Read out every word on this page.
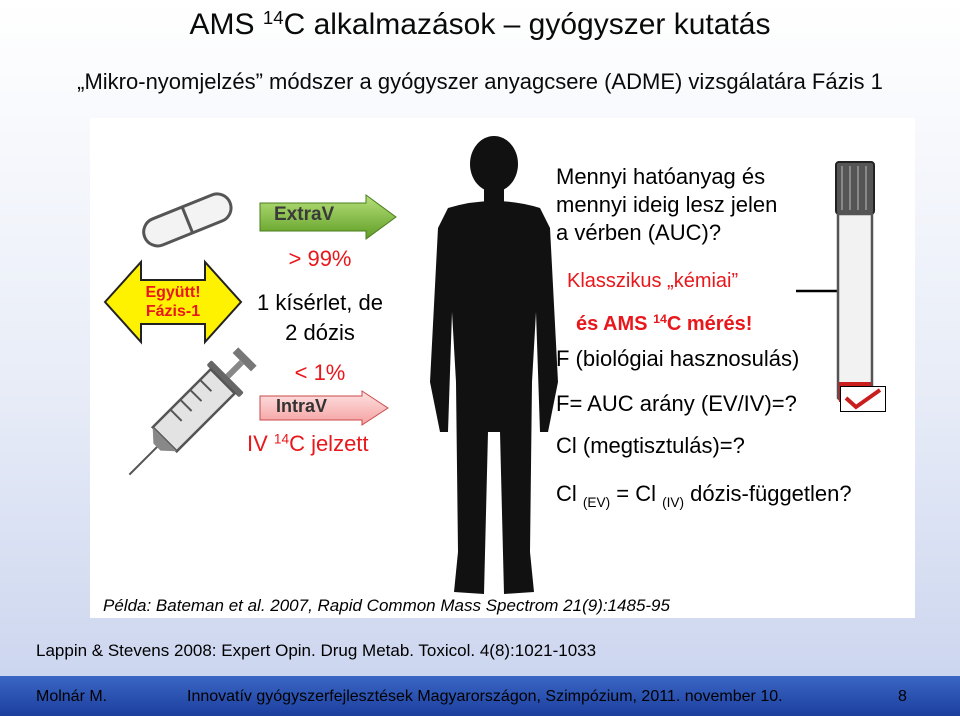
AMS $^{14}$C alkalmazások – gyógyszer kutatás
„Mikro-nyomjelzés” módszer a gyógyszer anyagcsere (ADME) vizsgálatára Fázis 1
Együtt!
Fázis-1
ExtraV
IntraV
> 99%
1 kísérlet, de
2 dózis
< 1%
IV $^{14}$C jelzett
Mennyi hatóanyag és
mennyi ideig lesz jelen
a vérben (AUC)?
Klasszikus „kémiai”
és AMS $^{14}$C mérés!
F (biológiai hasznosulás)
F= AUC arány (EV/IV)=?
Cl (megtisztulás)=?
Cl $_{(EV)}$ = Cl $_{(IV)}$ dózis-független?
Példa: Bateman et al. 2007, Rapid Common Mass Spectrom 21(9):1485-95
Lappin & Stevens 2008: Expert Opin. Drug Metab. Toxicol. 4(8):1021-1033
Molnár M.	Innovatív gyógyszerfejlesztések Magyarországon, Szimpózium, 2011. november 10.	8
